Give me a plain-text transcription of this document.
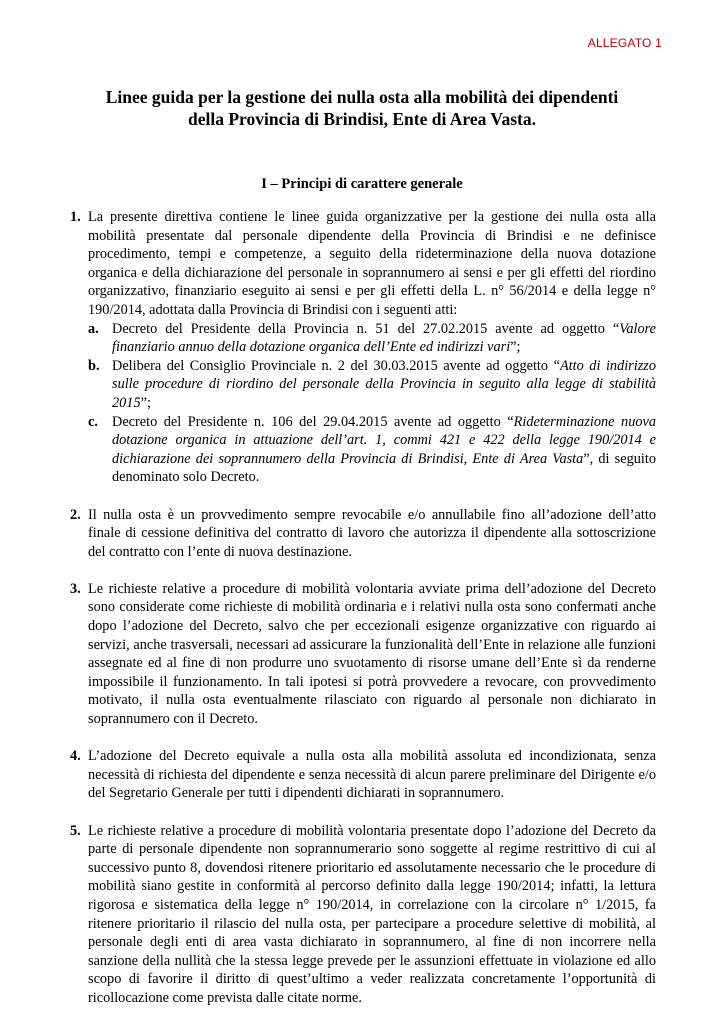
ALLEGATO 1
Linee guida per la gestione dei nulla osta alla mobilità dei dipendenti
della Provincia di Brindisi, Ente di Area Vasta.
I – Principi di carattere generale

1. La presente direttiva contiene le linee guida organizzative per la gestione dei nulla osta alla mobilità presentate dal personale dipendente della Provincia di Brindisi e ne definisce procedimento, tempi e competenze, a seguito della rideterminazione della nuova dotazione organica e della dichiarazione del personale in soprannumero ai sensi e per gli effetti del riordino organizzativo, finanziario eseguito ai sensi e per gli effetti della L. n° 56/2014 e della legge n° 190/2014, adottata dalla Provincia di Brindisi con i seguenti atti:

a. Decreto del Presidente della Provincia n. 51 del 27.02.2015 avente ad oggetto “Valore finanziario annuo della dotazione organica dell’Ente ed indirizzi vari”;
b. Delibera del Consiglio Provinciale n. 2 del 30.03.2015 avente ad oggetto “Atto di indirizzo sulle procedure di riordino del personale della Provincia in seguito alla legge di stabilità 2015”;
c. Decreto del Presidente n. 106 del 29.04.2015 avente ad oggetto “Rideterminazione nuova dotazione organica in attuazione dell’art. 1, commi 421 e 422 della legge 190/2014 e dichiarazione dei soprannumero della Provincia di Brindisi, Ente di Area Vasta”, di seguito denominato solo Decreto.

2. Il nulla osta è un provvedimento sempre revocabile e/o annullabile fino all’adozione dell’atto finale di cessione definitiva del contratto di lavoro che autorizza il dipendente alla sottoscrizione del contratto con l’ente di nuova destinazione.

3. Le richieste relative a procedure di mobilità volontaria avviate prima dell’adozione del Decreto sono considerate come richieste di mobilità ordinaria e i relativi nulla osta sono confermati anche dopo l’adozione del Decreto, salvo che per eccezionali esigenze organizzative con riguardo ai servizi, anche trasversali, necessari ad assicurare la funzionalità dell’Ente in relazione alle funzioni assegnate ed al fine di non produrre uno svuotamento di risorse umane dell’Ente sì da renderne impossibile il funzionamento. In tali ipotesi si potrà provvedere a revocare, con provvedimento motivato, il nulla osta eventualmente rilasciato con riguardo al personale non dichiarato in soprannumero con il Decreto.

4. L’adozione del Decreto equivale a nulla osta alla mobilità assoluta ed incondizionata, senza necessità di richiesta del dipendente e senza necessità di alcun parere preliminare del Dirigente e/o del Segretario Generale per tutti i dipendenti dichiarati in soprannumero.

5. Le richieste relative a procedure di mobilità volontaria presentate dopo l’adozione del Decreto da parte di personale dipendente non soprannumerario sono soggette al regime restrittivo di cui al successivo punto 8, dovendosi ritenere prioritario ed assolutamente necessario che le procedure di mobilità siano gestite in conformità al percorso definito dalla legge 190/2014; infatti, la lettura rigorosa e sistematica della legge n° 190/2014, in correlazione con la circolare n° 1/2015, fa ritenere prioritario il rilascio del nulla osta, per partecipare a procedure selettive di mobilità, al personale degli enti di area vasta dichiarato in soprannumero, al fine di non incorrere nella sanzione della nullità che la stessa legge prevede per le assunzioni effettuate in violazione ed allo scopo di favorire il diritto di quest’ultimo a veder realizzata concretamente l’opportunità di ricollocazione come prevista dalle citate norme.
